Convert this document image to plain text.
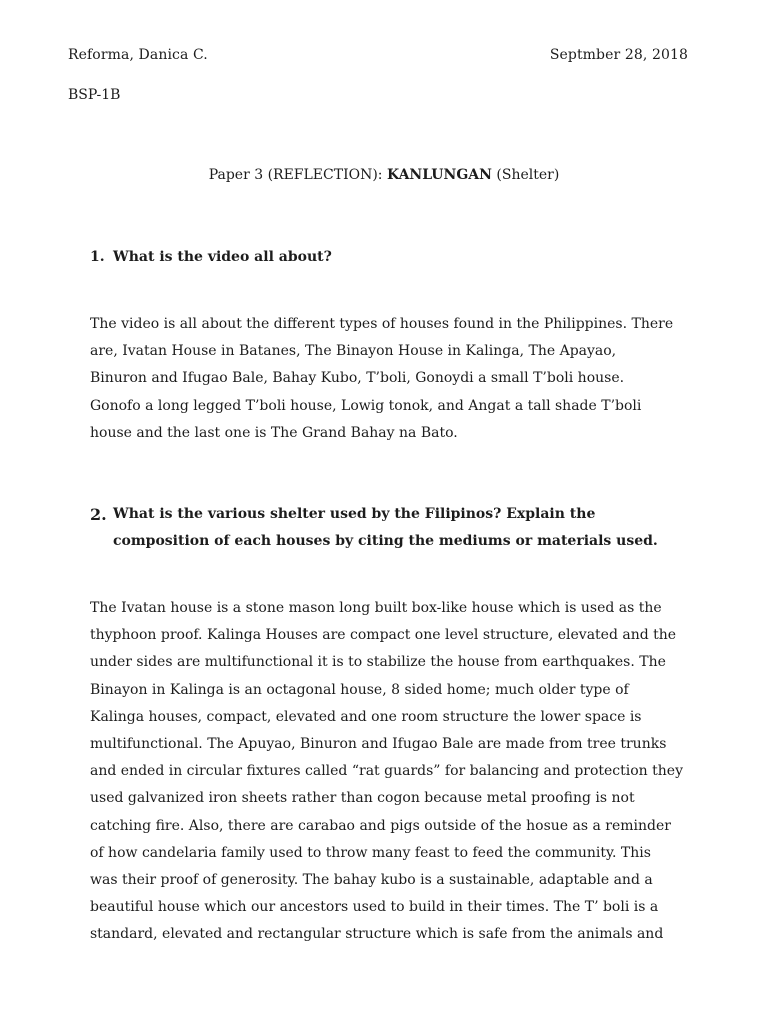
Reforma, Danica C.	Septmber 28, 2018
BSP-1B
Paper 3 (REFLECTION): KANLUNGAN (Shelter)
1. What is the video all about?
The video is all about the different types of houses found in the Philippines. There
are, Ivatan House in Batanes, The Binayon House in Kalinga, The Apayao,
Binuron and Ifugao Bale, Bahay Kubo, T’boli, Gonoydi a small T’boli house.
Gonofo a long legged T’boli house, Lowig tonok, and Angat a tall shade T’boli
house and the last one is The Grand Bahay na Bato.
2. What is the various shelter used by the Filipinos? Explain the composition of each houses by citing the mediums or materials used.
The Ivatan house is a stone mason long built box-like house which is used as the
thyphoon proof. Kalinga Houses are compact one level structure, elevated and the
under sides are multifunctional it is to stabilize the house from earthquakes. The
Binayon in Kalinga is an octagonal house, 8 sided home; much older type of
Kalinga houses, compact, elevated and one room structure the lower space is
multifunctional. The Apuyao, Binuron and Ifugao Bale are made from tree trunks
and ended in circular fixtures called “rat guards” for balancing and protection they
used galvanized iron sheets rather than cogon because metal proofing is not
catching fire. Also, there are carabao and pigs outside of the hosue as a reminder
of how candelaria family used to throw many feast to feed the community. This
was their proof of generosity. The bahay kubo is a sustainable, adaptable and a
beautiful house which our ancestors used to build in their times. The T’ boli is a
standard, elevated and rectangular structure which is safe from the animals and
